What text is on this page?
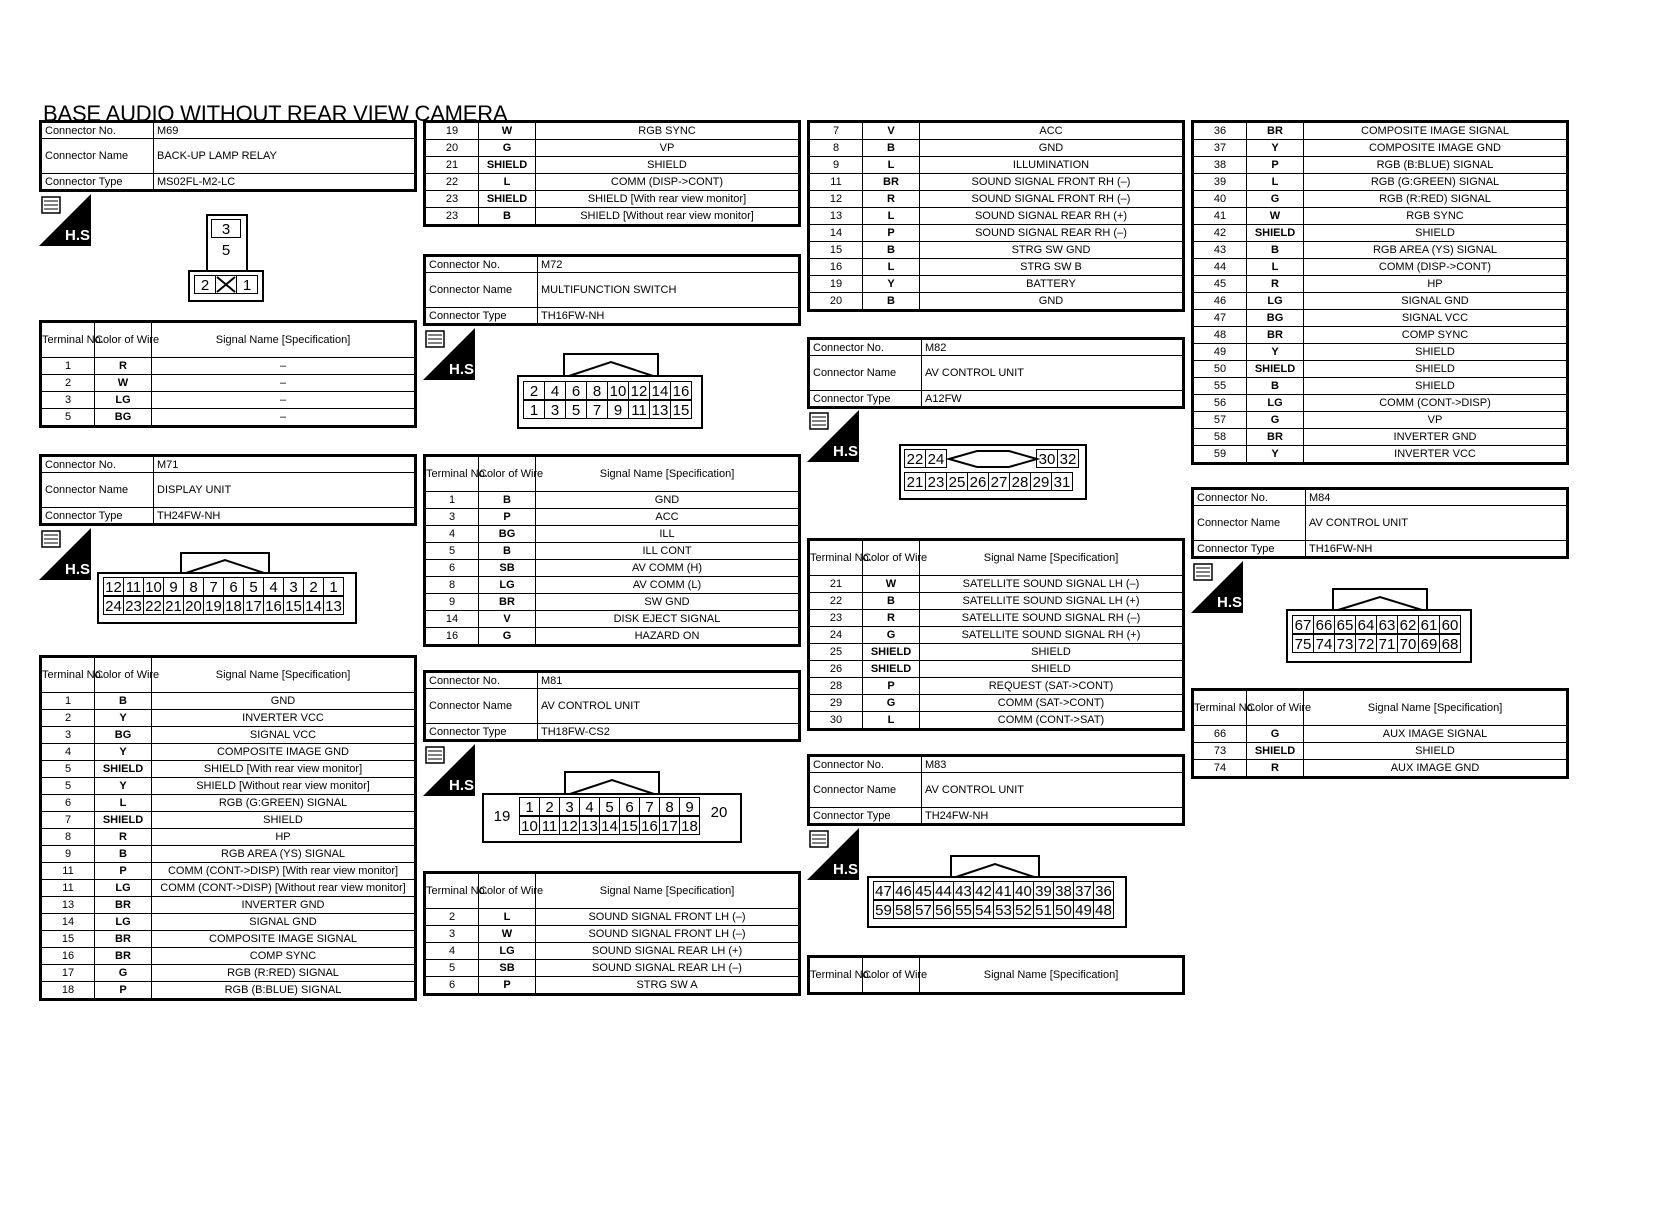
BASE AUDIO WITHOUT REAR VIEW CAMERA
Connector No.	M69
Connector Name	BACK-UP LAMP RELAY
Connector Type	MS02FL-M2-LC
H.S.	3
5
2	1
Terminal No.	Color of Wire	Signal Name [Specification]
1	R	–
2	W	–
3	LG	–
5	BG	–
Connector No.	M71
Connector Name	DISPLAY UNIT
Connector Type	TH24FW-NH
H.S.
12 11 10 9 8 7 6 5 4 3 2 1
24 23 22 21 20 19 18 17 16 15 14 13
Terminal No.	Color of Wire	Signal Name [Specification]
1	B	GND
2	Y	INVERTER VCC
3	BG	SIGNAL VCC
4	Y	COMPOSITE IMAGE GND
5	SHIELD	SHIELD [With rear view monitor]
5	Y	SHIELD [Without rear view monitor]
6	L	RGB (G:GREEN) SIGNAL
7	SHIELD	SHIELD
8	R	HP
9	B	RGB AREA (YS) SIGNAL
11	P	COMM (CONT->DISP) [With rear view monitor]
11	LG	COMM (CONT->DISP) [Without rear view monitor]
13	BR	INVERTER GND
14	LG	SIGNAL GND
15	BR	COMPOSITE IMAGE SIGNAL
16	BR	COMP SYNC
17	G	RGB (R:RED) SIGNAL
18	P	RGB (B:BLUE) SIGNAL
19	W	RGB SYNC
20	G	VP
21	SHIELD	SHIELD
22	L	COMM (DISP->CONT)
23	SHIELD	SHIELD [With rear view monitor]
23	B	SHIELD [Without rear view monitor]
Connector No.	M72
Connector Name	MULTIFUNCTION SWITCH
Connector Type	TH16FW-NH
H.S.
2 4 6 8 10 12 14 16
1 3 5 7 9 11 13 15
Terminal No.	Color of Wire	Signal Name [Specification]
1	B	GND
3	P	ACC
4	BG	ILL
5	B	ILL CONT
6	SB	AV COMM (H)
8	LG	AV COMM (L)
9	BR	SW GND
14	V	DISK EJECT SIGNAL
16	G	HAZARD ON
Connector No.	M81
Connector Name	AV CONTROL UNIT
Connector Type	TH18FW-CS2
H.S.
19	20
1 2 3 4 5 6 7 8 9
10 11 12 13 14 15 16 17 18
Terminal No.	Color of Wire	Signal Name [Specification]
2	L	SOUND SIGNAL FRONT LH (–)
3	W	SOUND SIGNAL FRONT LH (–)
4	LG	SOUND SIGNAL REAR LH (+)
5	SB	SOUND SIGNAL REAR LH (–)
6	P	STRG SW A
7	V	ACC
8	B	GND
9	L	ILLUMINATION
11	BR	SOUND SIGNAL FRONT RH (–)
12	R	SOUND SIGNAL FRONT RH (–)
13	L	SOUND SIGNAL REAR RH (+)
14	P	SOUND SIGNAL REAR RH (–)
15	B	STRG SW GND
16	L	STRG SW B
19	Y	BATTERY
20	B	GND
Connector No.	M82
Connector Name	AV CONTROL UNIT
Connector Type	A12FW
H.S.	22 24	30 32
21 23 25 26 27 28 29 31
Terminal No.	Color of Wire	Signal Name [Specification]
21	W	SATELLITE SOUND SIGNAL LH (–)
22	B	SATELLITE SOUND SIGNAL LH (+)
23	R	SATELLITE SOUND SIGNAL RH (–)
24	G	SATELLITE SOUND SIGNAL RH (+)
25	SHIELD	SHIELD
26	SHIELD	SHIELD
28	P	REQUEST (SAT->CONT)
29	G	COMM (SAT->CONT)
30	L	COMM (CONT->SAT)
Connector No.	M83
Connector Name	AV CONTROL UNIT
Connector Type	TH24FW-NH
H.S.
47 46 45 44 43 42 41 40 39 38 37 36
59 58 57 56 55 54 53 52 51 50 49 48
Terminal No.	Color of Wire	Signal Name [Specification]
36	BR	COMPOSITE IMAGE SIGNAL
37	Y	COMPOSITE IMAGE GND
38	P	RGB (B:BLUE) SIGNAL
39	L	RGB (G:GREEN) SIGNAL
40	G	RGB (R:RED) SIGNAL
41	W	RGB SYNC
42	SHIELD	SHIELD
43	B	RGB AREA (YS) SIGNAL
44	L	COMM (DISP->CONT)
45	R	HP
46	LG	SIGNAL GND
47	BG	SIGNAL VCC
48	BR	COMP SYNC
49	Y	SHIELD
50	SHIELD	SHIELD
55	B	SHIELD
56	LG	COMM (CONT->DISP)
57	G	VP
58	BR	INVERTER GND
59	Y	INVERTER VCC
Connector No.	M84
Connector Name	AV CONTROL UNIT
Connector Type	TH16FW-NH
H.S.
67 66 65 64 63 62 61 60
75 74 73 72 71 70 69 68
Terminal No.	Color of Wire	Signal Name [Specification]
66	G	AUX IMAGE SIGNAL
73	SHIELD	SHIELD
74	R	AUX IMAGE GND
